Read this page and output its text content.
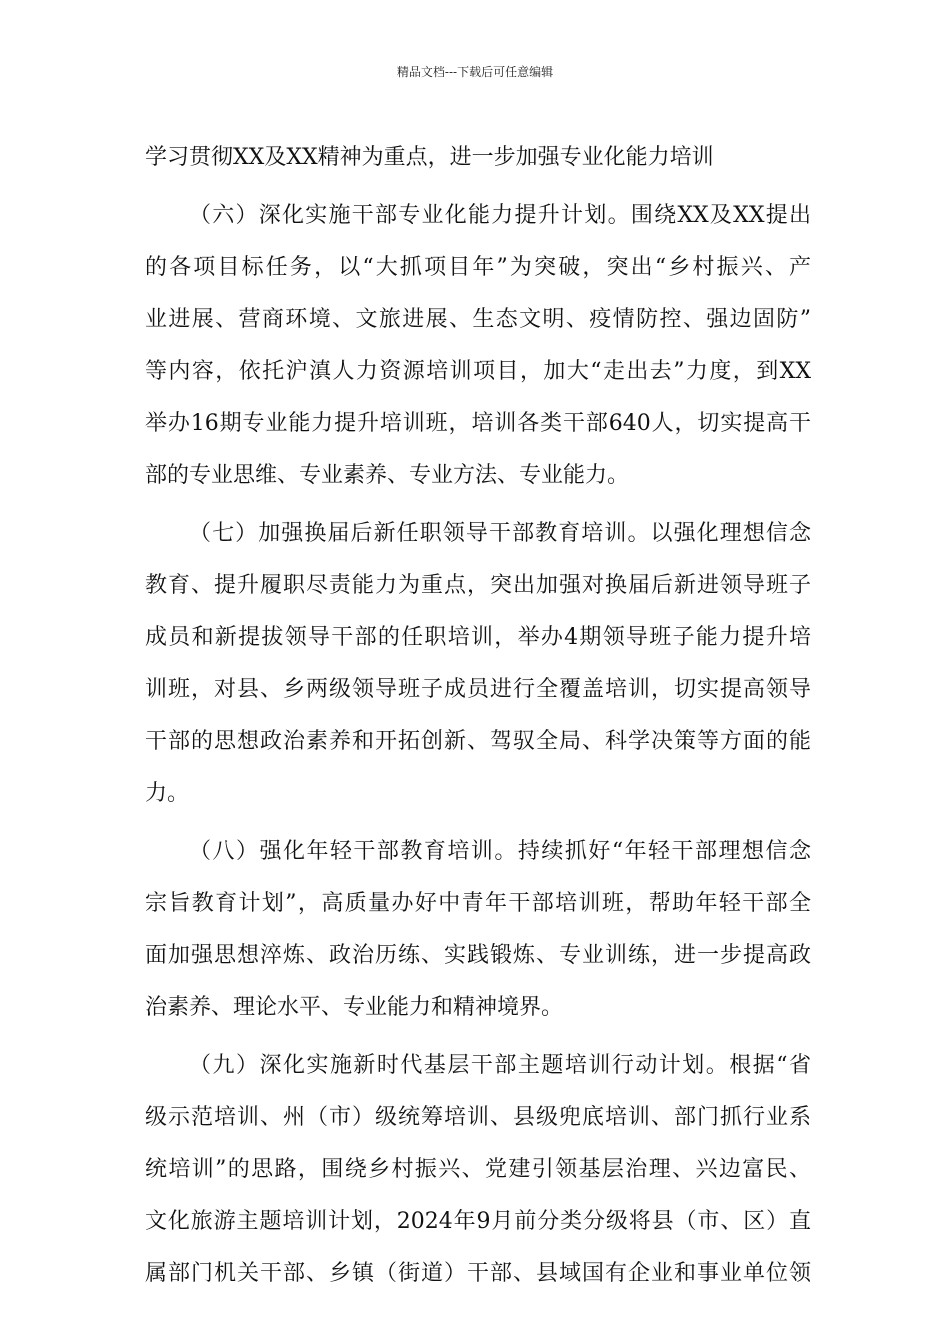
精品文档---下载后可任意编辑
学习贯彻XX及XX精神为重点，进一步加强专业化能力培训
（六）深化实施干部专业化能力提升计划。围绕XX及XX提出
的各项目标任务，以“大抓项目年”为突破，突出“乡村振兴、产
业进展、营商环境、文旅进展、生态文明、疫情防控、强边固防”
等内容，依托沪滇人力资源培训项目，加大“走出去”力度，到XX
举办16期专业能力提升培训班，培训各类干部640人，切实提高干
部的专业思维、专业素养、专业方法、专业能力。
（七）加强换届后新任职领导干部教育培训。以强化理想信念
教育、提升履职尽责能力为重点，突出加强对换届后新进领导班子
成员和新提拔领导干部的任职培训，举办4期领导班子能力提升培
训班，对县、乡两级领导班子成员进行全覆盖培训，切实提高领导
干部的思想政治素养和开拓创新、驾驭全局、科学决策等方面的能
力。
（八）强化年轻干部教育培训。持续抓好“年轻干部理想信念
宗旨教育计划”，高质量办好中青年干部培训班，帮助年轻干部全
面加强思想淬炼、政治历练、实践锻炼、专业训练，进一步提高政
治素养、理论水平、专业能力和精神境界。
（九）深化实施新时代基层干部主题培训行动计划。根据“省
级示范培训、州（市）级统筹培训、县级兜底培训、部门抓行业系
统培训”的思路，围绕乡村振兴、党建引领基层治理、兴边富民、
文化旅游主题培训计划，2024年9月前分类分级将县（市、区）直
属部门机关干部、乡镇（街道）干部、县域国有企业和事业单位领
